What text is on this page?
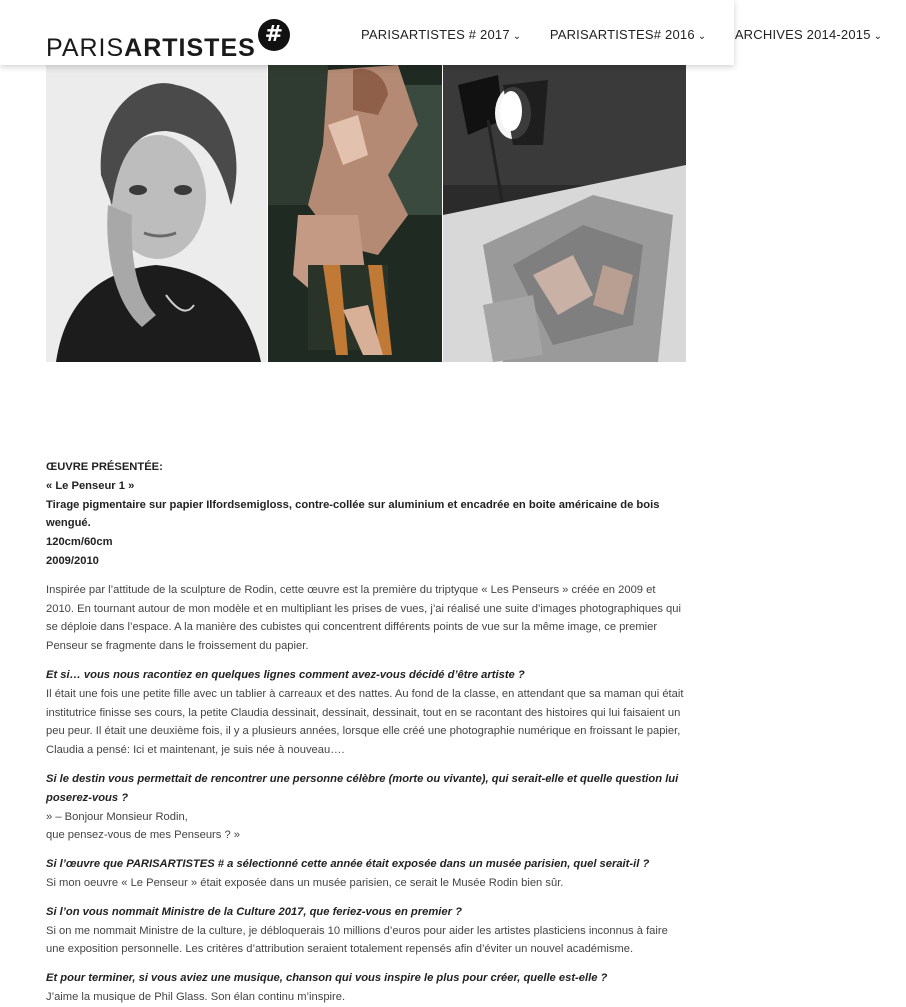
PARISARTISTES #	PARISARTISTES # 2017 ⌄ PARISARTISTES# 2016 ⌄ ARCHIVES 2014-2015 ⌄

ŒUVRE PRÉSENTÉE:

« Le Penseur 1 »

Tirage pigmentaire sur papier Ilfordsemigloss, contre-collée sur aluminium et encadrée en boite américaine de bois wengué.

120cm/60cm

2009/2010

Inspirée par l’attitude de la sculpture de Rodin, cette œuvre est la première du triptyque « Les Penseurs » créée en 2009 et 2010. En tournant autour de mon modèle et en multipliant les prises de vues, j’ai réalisé une suite d’images photographiques qui se déploie dans l’espace. A la manière des cubistes qui concentrent différents points de vue sur la même image, ce premier Penseur se fragmente dans le froissement du papier.

Et si… vous nous racontiez en quelques lignes comment avez-vous décidé d’être artiste ?

Il était une fois une petite fille avec un tablier à carreaux et des nattes. Au fond de la classe, en attendant que sa maman qui était institutrice finisse ses cours, la petite Claudia dessinait, dessinait, dessinait, tout en se racontant des histoires qui lui faisaient un peu peur. Il était une deuxième fois, il y a plusieurs années, lorsque elle créé une photographie numérique en froissant le papier, Claudia a pensé: Ici et maintenant, je suis née à nouveau….

Si le destin vous permettait de rencontrer une personne célèbre (morte ou vivante), qui serait-elle et quelle question lui poserez-vous ?

» – Bonjour Monsieur Rodin,

que pensez-vous de mes Penseurs ? »

Si l’œuvre que PARISARTISTES # a sélectionné cette année était exposée dans un musée parisien, quel serait-il ?

Si mon oeuvre « Le Penseur » était exposée dans un musée parisien, ce serait le Musée Rodin bien sûr.

Si l’on vous nommait Ministre de la Culture 2017, que feriez-vous en premier ?

Si on me nommait Ministre de la culture, je débloquerais 10 millions d’euros pour aider les artistes plasticiens inconnus à faire une exposition personnelle. Les critères d’attribution seraient totalement repensés afin d’éviter un nouvel académisme.

Et pour terminer, si vous aviez une musique, chanson qui vous inspire le plus pour créer, quelle est-elle ?

J’aime la musique de Phil Glass. Son élan continu m’inspire.
